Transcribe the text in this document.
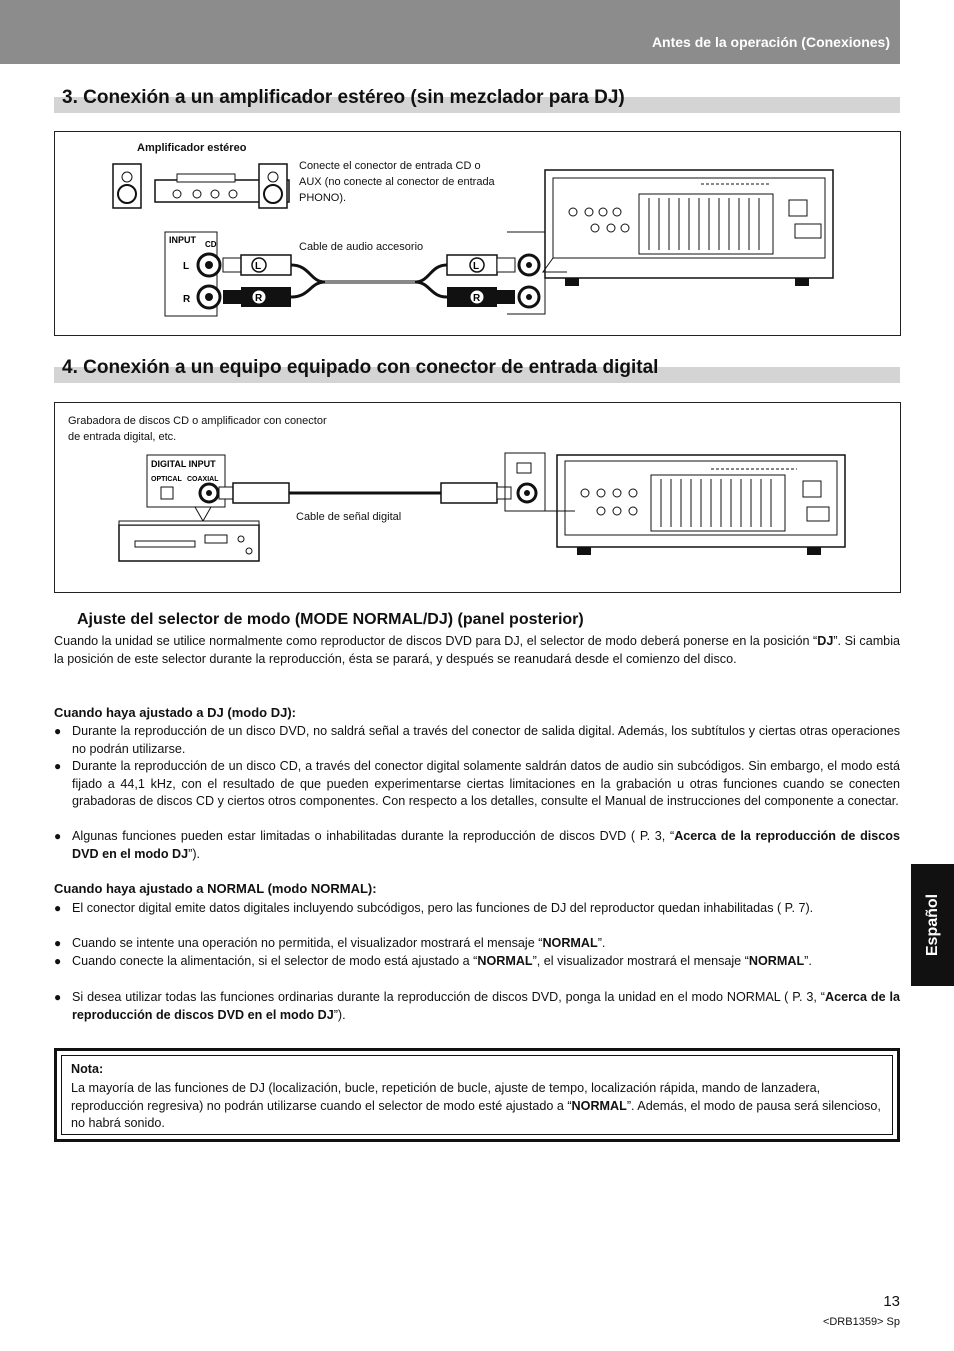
Antes de la operación (Conexiones)
3. Conexión a un amplificador estéreo (sin mezclador para DJ)
Amplificador estéreo
Conecte el conector de entrada CD o AUX (no conecte al conector de entrada PHONO).
Cable de audio accesorio
INPUT CD
L
R
L
R
L
R
4. Conexión a un equipo equipado con conector de entrada digital
Grabadora de discos CD o amplificador con conector de entrada digital, etc.
Cable de señal digital
DIGITAL INPUT
OPTICAL COAXIAL
Ajuste del selector de modo (MODE NORMAL/DJ) (panel posterior)
Cuando la unidad se utilice normalmente como reproductor de discos DVD para DJ, el selector de modo deberá ponerse en la posición “DJ”. Si cambia la posición de este selector durante la reproducción, ésta se parará, y después se reanudará desde el comienzo del disco.
Cuando haya ajustado a DJ (modo DJ):
● Durante la reproducción de un disco DVD, no saldrá señal a través del conector de salida digital. Además, los subtítulos y ciertas otras operaciones no podrán utilizarse.
● Durante la reproducción de un disco CD, a través del conector digital solamente saldrán datos de audio sin subcódigos. Sin embargo, el modo está fijado a 44,1 kHz, con el resultado de que pueden experimentarse ciertas limitaciones en la grabación u otras funciones cuando se conecten grabadoras de discos CD y ciertos otros componentes. Con respecto a los detalles, consulte el Manual de instrucciones del componente a conectar.
● Algunas funciones pueden estar limitadas o inhabilitadas durante la reproducción de discos DVD ( P. 3, “Acerca de la reproducción de discos DVD en el modo DJ”).
Cuando haya ajustado a NORMAL (modo NORMAL):
● El conector digital emite datos digitales incluyendo subcódigos, pero las funciones de DJ del reproductor quedan inhabilitadas ( P. 7).
● Cuando se intente una operación no permitida, el visualizador mostrará el mensaje “NORMAL”.
● Cuando conecte la alimentación, si el selector de modo está ajustado a “NORMAL”, el visualizador mostrará el mensaje “NORMAL”.
● Si desea utilizar todas las funciones ordinarias durante la reproducción de discos DVD, ponga la unidad en el modo NORMAL ( P. 3, “Acerca de la reproducción de discos DVD en el modo DJ”).
Nota:
La mayoría de las funciones de DJ (localización, bucle, repetición de bucle, ajuste de tempo, localización rápida, mando de lanzadera, reproducción regresiva) no podrán utilizarse cuando el selector de modo esté ajustado a “NORMAL”. Además, el modo de pausa será silencioso, no habrá sonido.
Español
13
<DRB1359> Sp
